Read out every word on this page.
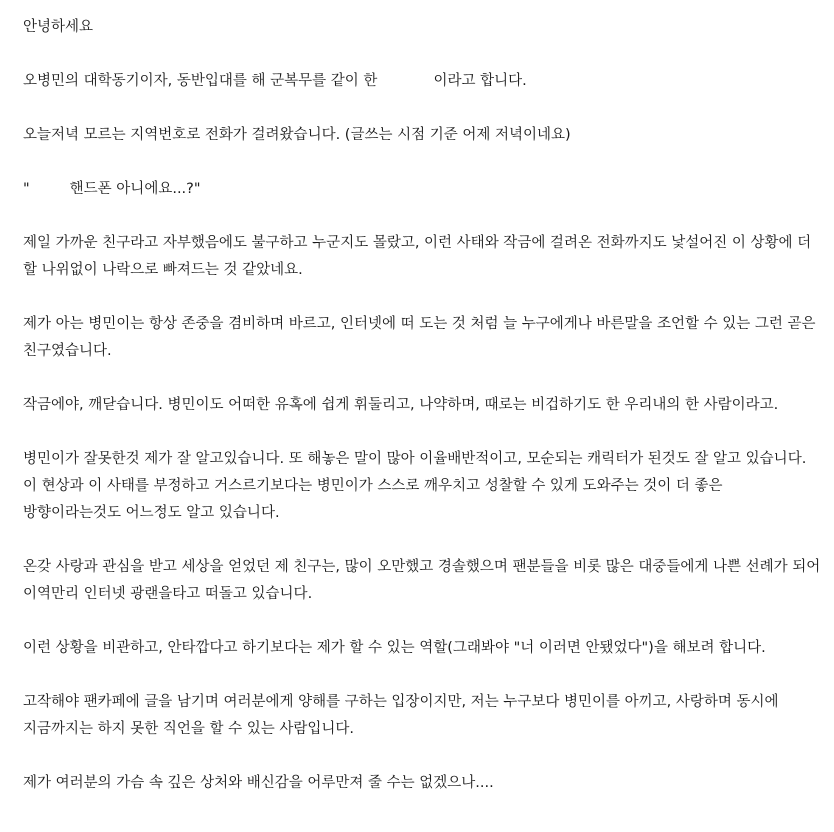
안녕하세요

오병민의 대학동기이자, 동반입대를 해 군복무를 같이 한	이라고 합니다.

오늘저녁 모르는 지역번호로 전화가 걸려왔습니다. (글쓰는 시점 기준 어제 저녁이네요)

"	핸드폰 아니에요...?"

제일 가까운 친구라고 자부했음에도 불구하고 누군지도 몰랐고, 이런 사태와 작금에 걸려온 전화까지도 낯설어진 이 상황에 더 할 나위없이 나락으로 빠져드는 것 같았네요.

제가 아는 병민이는 항상 존중을 겸비하며 바르고, 인터넷에 떠 도는 것 처럼 늘 누구에게나 바른말을 조언할 수 있는 그런 곧은 친구였습니다.

작금에야, 깨닫습니다. 병민이도 어떠한 유혹에 쉽게 휘둘리고, 나약하며, 때로는 비겁하기도 한 우리내의 한 사람이라고.

병민이가 잘못한것 제가 잘 알고있습니다. 또 해놓은 말이 많아 이율배반적이고, 모순되는 캐릭터가 된것도 잘 알고 있습니다. 이 현상과 이 사태를 부정하고 거스르기보다는 병민이가 스스로 깨우치고 성찰할 수 있게 도와주는 것이 더 좋은 방향이라는것도 어느정도 알고 있습니다.

온갖 사랑과 관심을 받고 세상을 얻었던 제 친구는, 많이 오만했고 경솔했으며 팬분들을 비롯 많은 대중들에게 나쁜 선례가 되어 이역만리 인터넷 광랜을타고 떠돌고 있습니다.

이런 상황을 비관하고, 안타깝다고 하기보다는 제가 할 수 있는 역할(그래봐야 "너 이러면 안됐었다")을 해보려 합니다.

고작해야 팬카페에 글을 남기며 여러분에게 양해를 구하는 입장이지만, 저는 누구보다 병민이를 아끼고, 사랑하며 동시에 지금까지는 하지 못한 직언을 할 수 있는 사람입니다.

제가 여러분의 가슴 속 깊은 상처와 배신감을 어루만져 줄 수는 없겠으나....
